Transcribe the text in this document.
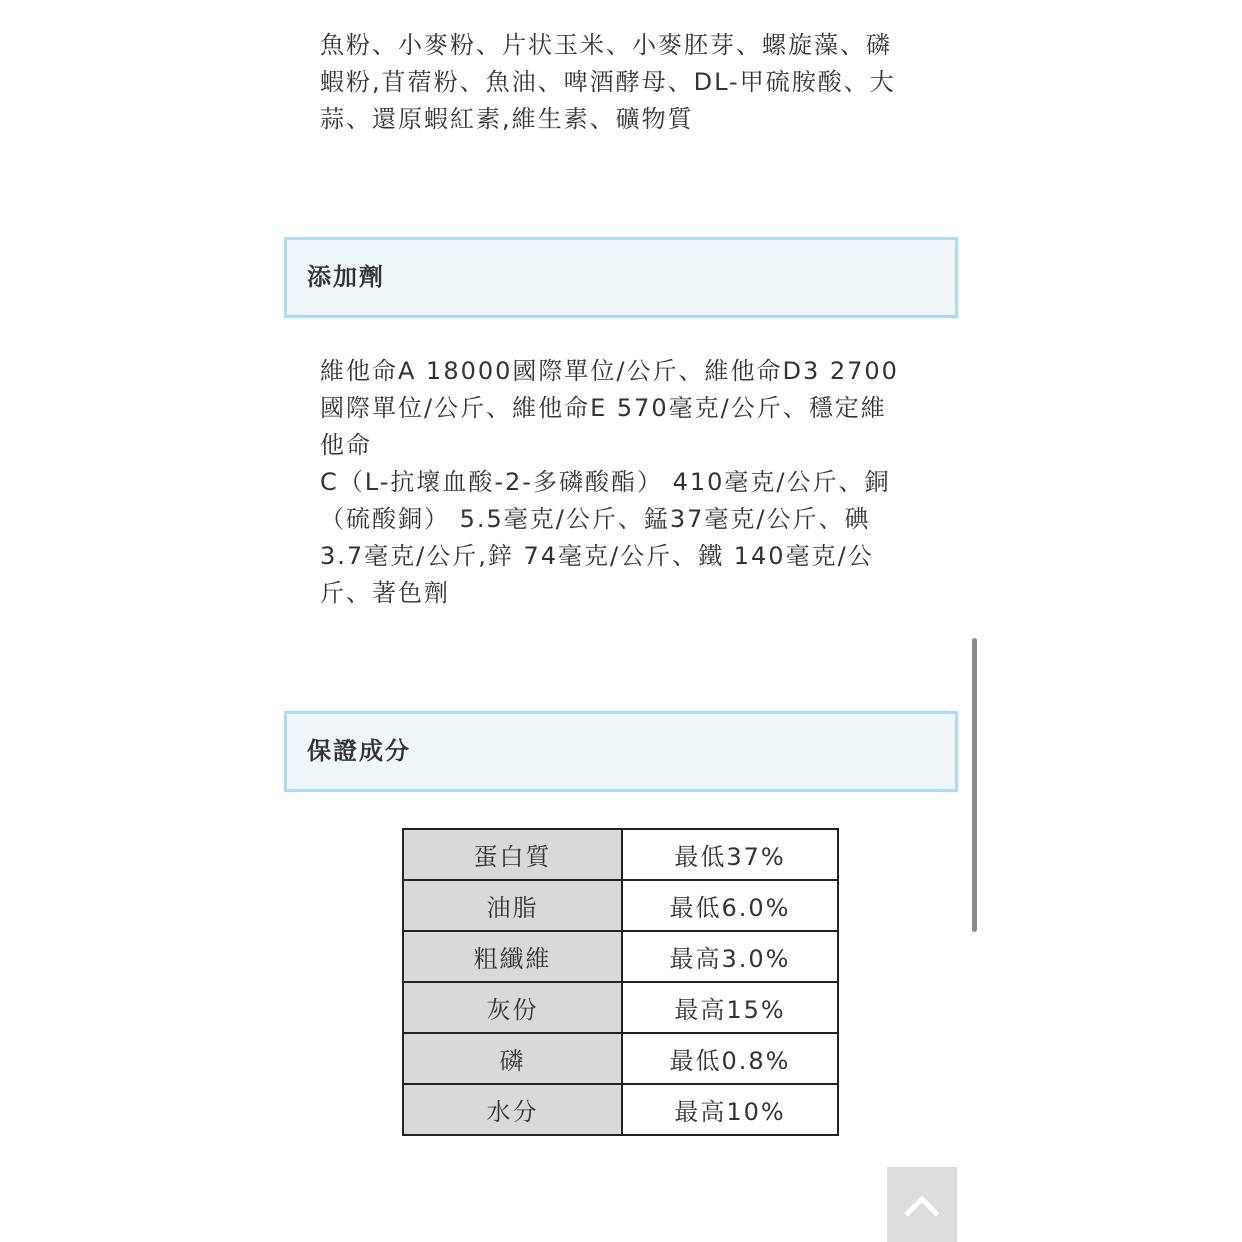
魚粉、小麥粉、片状玉米、小麥胚芽、螺旋藻、磷
蝦粉,苜蓿粉、魚油、啤酒酵母、DL-甲硫胺酸、大
蒜、還原蝦紅素,維生素、礦物質

添加劑

維他命A 18000國際單位/公斤、維他命D3 2700
國際單位/公斤、維他命E 570毫克/公斤、穩定維
他命
C（L-抗壞血酸-2-多磷酸酯） 410毫克/公斤、銅
（硫酸銅） 5.5毫克/公斤、錳37毫克/公斤、碘
3.7毫克/公斤,鋅 74毫克/公斤、鐵 140毫克/公
斤、著色劑

保證成分
蛋白質	最低37%
油脂	最低6.0%
粗纖維	最高3.0%
灰份	最高15%
磷	最低0.8%
水分	最高10%
